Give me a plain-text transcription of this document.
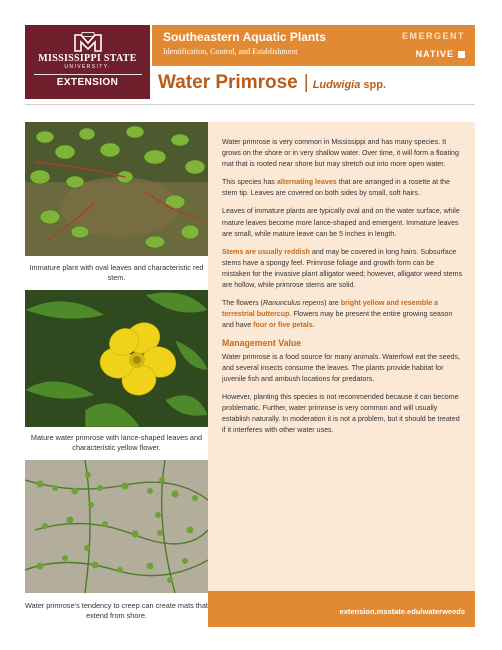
MISSISSIPPI STATE
UNIVERSITY.
EXTENSION
Southeastern Aquatic Plants
Identification, Control, and Establishment
EMERGENT
NATIVE
Water Primrose | Ludwigia spp.
Immature plant with oval leaves and characteristic red stem.
Mature water primrose with lance-shaped leaves and characteristic yellow flower.
Water primrose’s tendency to creep can create mats that extend from shore.

Water primrose is very common in Mississippi and has many species. It grows on the shore or in very shallow water. Over time, it will form a floating mat that is rooted near shore but may stretch out into more open water.

This species has alternating leaves that are arranged in a rosette at the stem tip. Leaves are covered on both sides by small, soft hairs.

Leaves of immature plants are typically oval and on the water surface, while mature leaves become more lance-shaped and emergent. Immature leaves are small, while mature leave can be 5 inches in length.

Stems are usually reddish and may be covered in long hairs. Subsurface stems have a spongy feel. Primrose foliage and growth form can be mistaken for the invasive plant alligator weed; however, alligator weed stems are hollow, while primrose stems are solid.

The flowers (Ranunculus repens) are bright yellow and resemble a terrestrial buttercup. Flowers may be present the entire growing season and have four or five petals.

Management Value

Water primrose is a food source for many animals. Waterfowl eat the seeds, and several insects consume the leaves. The plants provide habitat for juvenile fish and ambush locations for predators.

However, planting this species is not recommended because it can become problematic. Further, water primrose is very common and will usually establish naturally. In moderation it is not a problem, but it should be treated if it interferes with other water uses.

extension.msstate.edu/waterweeds
